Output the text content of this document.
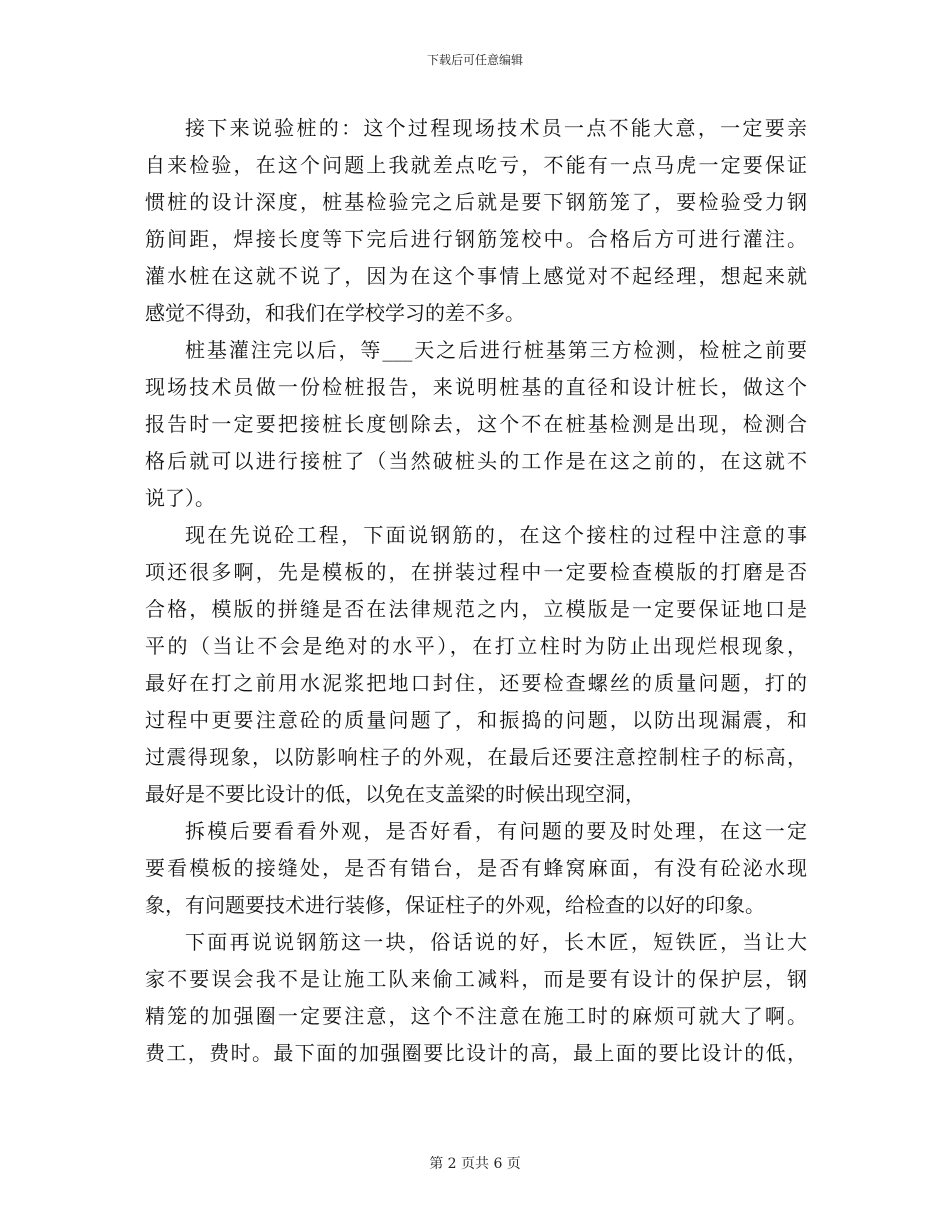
下载后可任意编辑
接下来说验桩的：这个过程现场技术员一点不能大意，一定要亲
自来检验，在这个问题上我就差点吃亏，不能有一点马虎一定要保证
惯桩的设计深度，桩基检验完之后就是要下钢筋笼了，要检验受力钢
筋间距，焊接长度等下完后进行钢筋笼校中。合格后方可进行灌注。
灌水桩在这就不说了，因为在这个事情上感觉对不起经理，想起来就
感觉不得劲，和我们在学校学习的差不多。
桩基灌注完以后，等___天之后进行桩基第三方检测，检桩之前要
现场技术员做一份检桩报告，来说明桩基的直径和设计桩长，做这个
报告时一定要把接桩长度刨除去，这个不在桩基检测是出现，检测合
格后就可以进行接桩了（当然破桩头的工作是在这之前的，在这就不
说了）。
现在先说砼工程，下面说钢筋的，在这个接柱的过程中注意的事
项还很多啊，先是模板的，在拼装过程中一定要检查模版的打磨是否
合格，模版的拼缝是否在法律规范之内，立模版是一定要保证地口是
平的（当让不会是绝对的水平），在打立柱时为防止出现烂根现象，
最好在打之前用水泥浆把地口封住，还要检查螺丝的质量问题，打的
过程中更要注意砼的质量问题了，和振捣的问题，以防出现漏震，和
过震得现象，以防影响柱子的外观，在最后还要注意控制柱子的标高，
最好是不要比设计的低，以免在支盖梁的时候出现空洞，
拆模后要看看外观，是否好看，有问题的要及时处理，在这一定
要看模板的接缝处，是否有错台，是否有蜂窝麻面，有没有砼泌水现
象，有问题要技术进行装修，保证柱子的外观，给检查的以好的印象。
下面再说说钢筋这一块，俗话说的好，长木匠，短铁匠，当让大
家不要误会我不是让施工队来偷工减料，而是要有设计的保护层，钢
精笼的加强圈一定要注意，这个不注意在施工时的麻烦可就大了啊。
费工，费时。最下面的加强圈要比设计的高，最上面的要比设计的低，
第 2 页共 6 页
